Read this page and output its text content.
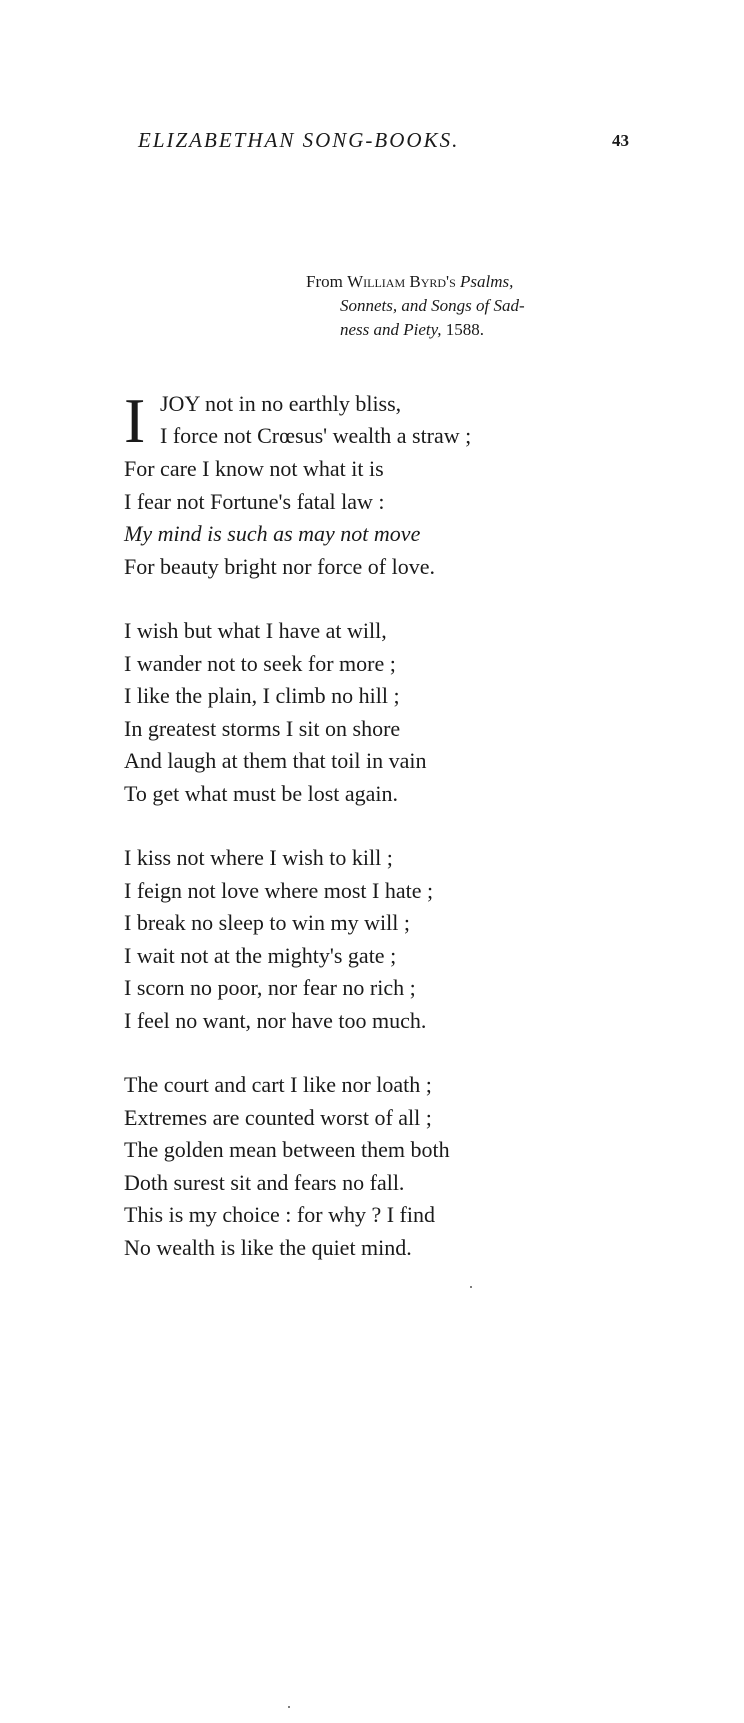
ELIZABETHAN SONG-BOOKS.	43
From William Byrd's Psalms,
Sonnets, and Songs of Sad-
ness and Piety, 1588.
I JOY not in no earthly bliss,
I force not Crœsus' wealth a straw ;
For care I know not what it is
I fear not Fortune's fatal law :
My mind is such as may not move
For beauty bright nor force of love.
I wish but what I have at will,
I wander not to seek for more ;
I like the plain, I climb no hill ;
In greatest storms I sit on shore
And laugh at them that toil in vain
To get what must be lost again.
I kiss not where I wish to kill ;
I feign not love where most I hate ;
I break no sleep to win my will ;
I wait not at the mighty's gate ;
I scorn no poor, nor fear no rich ;
I feel no want, nor have too much.
The court and cart I like nor loath ;
Extremes are counted worst of all ;
The golden mean between them both
Doth surest sit and fears no fall.
This is my choice : for why ? I find
No wealth is like the quiet mind.
